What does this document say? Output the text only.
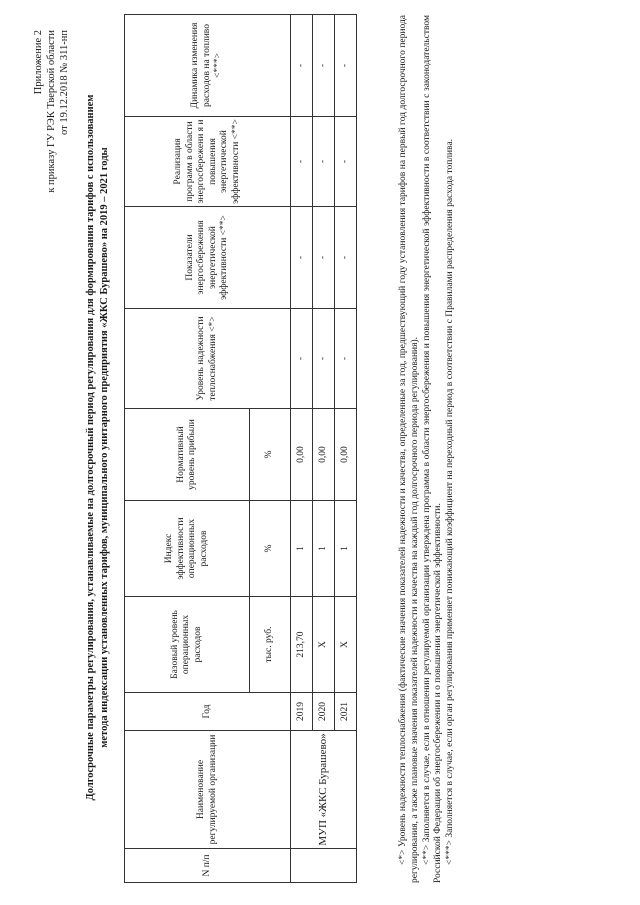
Приложение 2 к приказу ГУ РЭК Тверской области от 19.12.2018 № 311-нп
Долгосрочные параметры регулирования, устанавливаемые на долгосрочный период регулирования для формирования тарифов с использованием метода индексации установленных тарифов, муниципального унитарного предприятия «ЖКС Бурашево» на 2019 – 2021 годы
N п/п	Наименование регулируемой организации	Год	Базовый уровень операционных расходов	Индекс эффективности операционных расходов	Нормативный уровень прибыли	Уровень надежности теплоснабжения <*>	Показатели энергосбережения энергетической эффективности <**>	Реализация программ в области энергосбережени я и повышения энергетической эффективности <**>	Динамика изменения расходов на топливо <***>
			тыс. руб.	%	%				
	МУП «ЖКС Бурашево»	2019	213,70	1	0,00	-	-	-	-
		2020	Х	1	0,00	-	-	-	-
		2021	Х	1	0,00	-	-	-	-	<*> Уровень надежности теплоснабжения (фактические значения показателей надежности и качества, определенные за год, предшествующий году установления тарифов на первый год долгосрочного периода регулирования, а также плановые значения показателей надежности и качества на каждый год долгосрочного периода регулирования). <**> Заполняется в случае, если в отношении регулируемой организации утверждена программа в области энергосбережения и повышения энергетической эффективности в соответствии с законодательством Российской Федерации об энергосбережении и о повышении энергетической эффективности. <***> Заполняется в случае, если орган регулирования применяет понижающий коэффициент на переходный период в соответствии с Правилами распределения расхода топлива.
